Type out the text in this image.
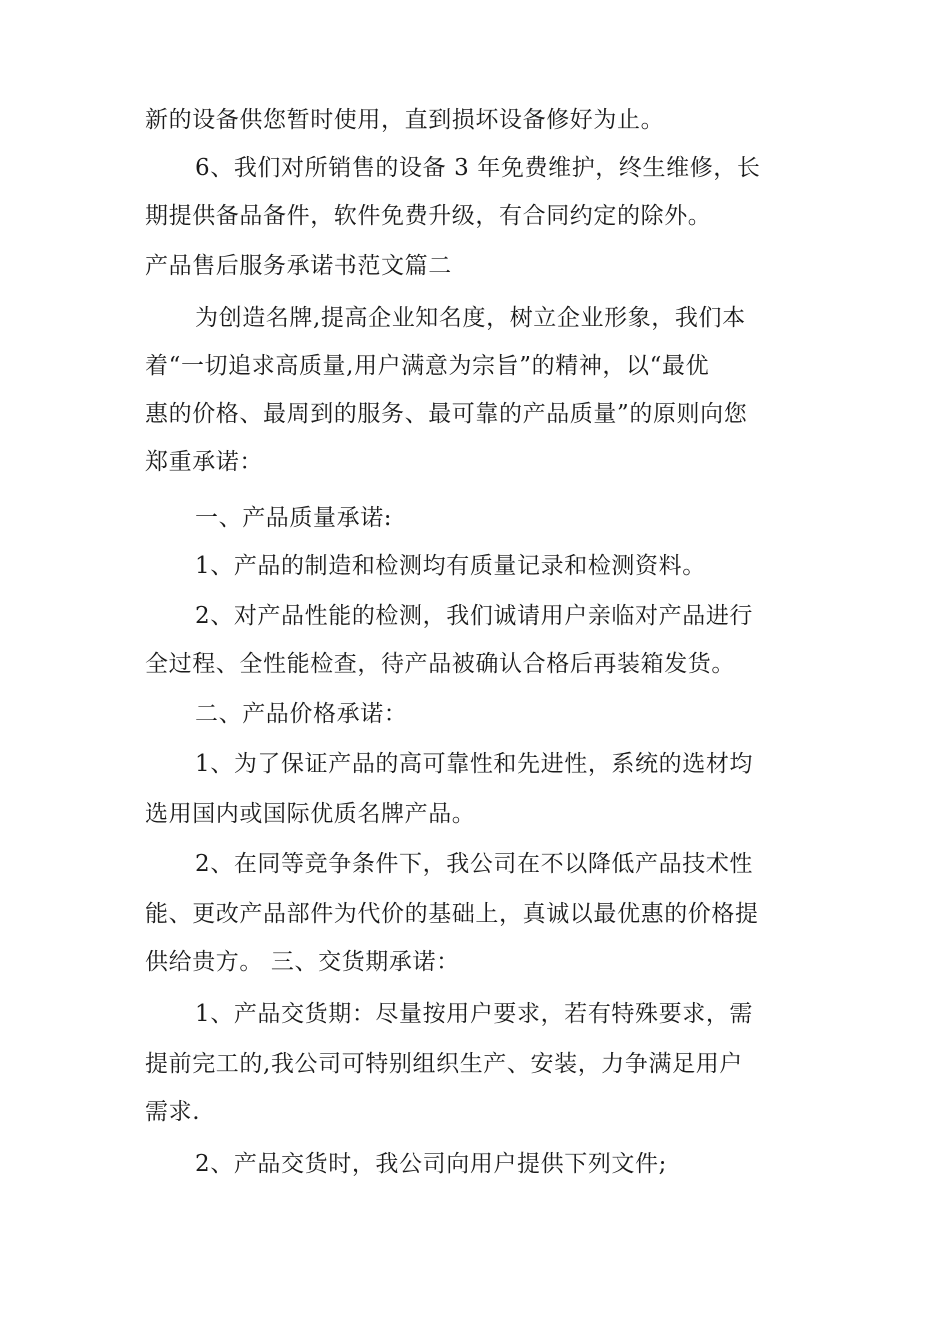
新的设备供您暂时使用，直到损坏设备修好为止。
6、我们对所销售的设备 3 年免费维护，终生维修，长
期提供备品备件，软件免费升级，有合同约定的除外。
产品售后服务承诺书范文篇二
为创造名牌,提高企业知名度，树立企业形象，我们本
着“一切追求高质量,用户满意为宗旨”的精神，以“最优
惠的价格、最周到的服务、最可靠的产品质量”的原则向您
郑重承诺：
一、产品质量承诺:
1、产品的制造和检测均有质量记录和检测资料。
2、对产品性能的检测，我们诚请用户亲临对产品进行
全过程、全性能检查，待产品被确认合格后再装箱发货。
二、产品价格承诺：
1、为了保证产品的高可靠性和先进性，系统的选材均
选用国内或国际优质名牌产品。
2、在同等竞争条件下，我公司在不以降低产品技术性
能、更改产品部件为代价的基础上，真诚以最优惠的价格提
供给贵方。 三、交货期承诺：
1、产品交货期：尽量按用户要求，若有特殊要求，需
提前完工的,我公司可特别组织生产、安装，力争满足用户
需求.
2、产品交货时，我公司向用户提供下列文件;
